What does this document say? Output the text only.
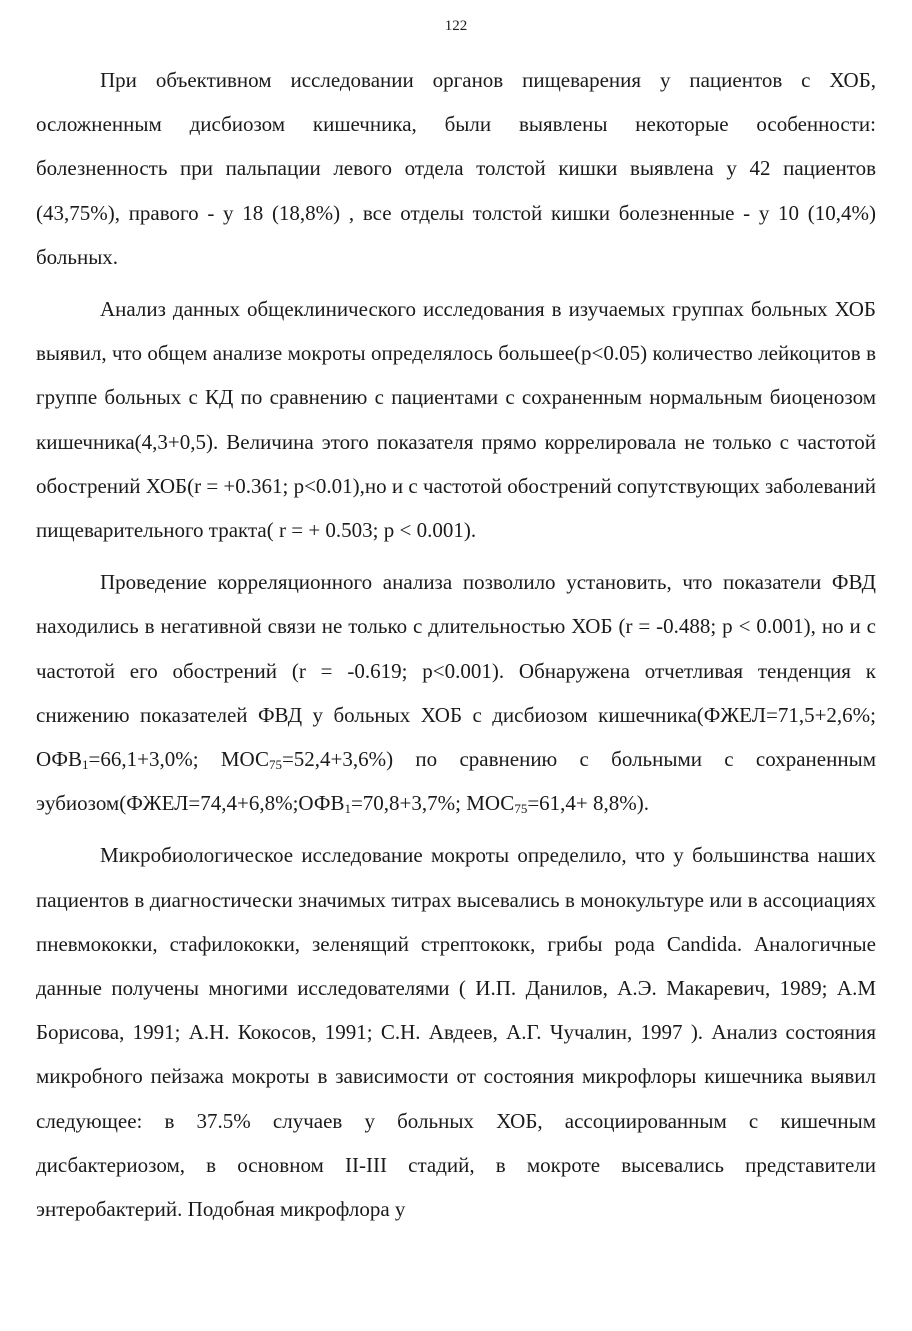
122

При объективном исследовании органов пищеварения у пациентов с ХОБ, осложненным дисбиозом кишечника, были выявлены некоторые особенности: болезненность при пальпации левого отдела толстой кишки выявлена у 42 пациентов (43,75%), правого - у 18 (18,8%) , все отделы толстой кишки болезненные - у 10 (10,4%) больных.

Анализ данных общеклинического исследования в изучаемых группах больных ХОБ выявил, что общем анализе мокроты определялось большее(р<0.05) количество лейкоцитов в группе больных с КД по сравнению с пациентами с сохраненным нормальным биоценозом кишечника(4,3+0,5). Величина этого показателя прямо коррелировала не только с частотой обострений ХОБ(r = +0.361; р<0.01),но и с частотой обострений сопутствующих заболеваний пищеварительного тракта( r = + 0.503; р < 0.001).

Проведение корреляционного анализа позволило установить, что показатели ФВД находились в негативной связи не только с длительностью ХОБ (r = -0.488; р < 0.001), но и с частотой его обострений (r = -0.619; р<0.001). Обнаружена отчетливая тенденция к снижению показателей ФВД у больных ХОБ с дисбиозом кишечника(ФЖЕЛ=71,5+2,6%; $ОФВ_1=66,1+3,0\%$; $МОС_{75}=52,4+3,6\%$) по сравнению с больными с сохраненным $эубиозом(ФЖЕЛ=74,4+6,8\%;ОФВ_1=70,8+3,7\%$; $МОС_{75}=61,4+ 8,8\%$).

Микробиологическое исследование мокроты определило, что у большинства наших пациентов в диагностически значимых титрах высевались в монокультуре или в ассоциациях пневмококки, стафилококки, зеленящий стрептококк, грибы рода Candida. Аналогичные данные получены многими исследователями ( И.П. Данилов, А.Э. Макаревич, 1989; А.М Борисова, 1991; А.Н. Кокосов, 1991; С.Н. Авдеев, А.Г. Чучалин, 1997 ). Анализ состояния микробного пейзажа мокроты в зависимости от состояния микрофлоры кишечника выявил следующее: в 37.5% случаев у больных ХОБ, ассоциированным с кишечным дисбактериозом, в основном II-III стадий, в мокроте высевались представители энтеробактерий. Подобная микрофлора у
